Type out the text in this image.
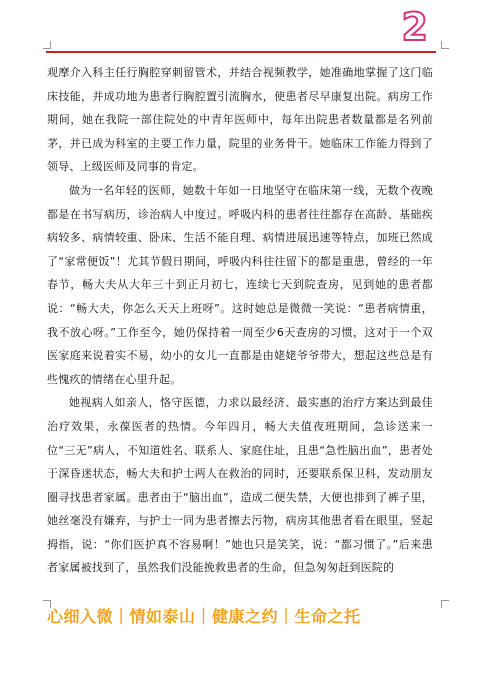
2

观摩介入科主任行胸腔穿刺留管术，并结合视频教学，她准确地掌握了这门临床技能，并成功地为患者行胸腔置引流胸水，使患者尽早康复出院。病房工作期间，她在我院一部住院处的中青年医师中，每年出院患者数量都是名列前茅，并已成为科室的主要工作力量，院里的业务骨干。她临床工作能力得到了领导、上级医师及同事的肯定。

做为一名年轻的医师，她数十年如一日地坚守在临床第一线，无数个夜晚都是在书写病历，诊治病人中度过。呼吸内科的患者往往都存在高龄、基础疾病较多、病情较重、卧床、生活不能自理、病情进展迅速等特点，加班已然成了“家常便饭”！尤其节假日期间，呼吸内科往往留下的都是重患，曾经的一年春节，畅大夫从大年三十到正月初七，连续七天到院查房，见到她的患者都说：“畅大夫，你怎么天天上班呀”。这时她总是微微一笑说：“患者病情重，我不放心呀。”工作至今，她仍保持着一周至少6天查房的习惯，这对于一个双医家庭来说着实不易，幼小的女儿一直都是由姥姥爷爷带大，想起这些总是有些愧疚的情绪在心里升起。

她视病人如亲人，恪守医德，力求以最经济、最实惠的治疗方案达到最佳治疗效果，永葆医者的热情。今年四月，畅大夫值夜班期间，急诊送来一位“三无”病人，不知道姓名、联系人、家庭住址，且患“急性脑出血”，患者处于深昏迷状态，畅大夫和护士两人在救治的同时，还要联系保卫科，发动朋友圈寻找患者家属。患者由于“脑出血”，造成二便失禁，大便也排到了裤子里，她丝毫没有嫌弃，与护士一同为患者擦去污物，病房其他患者看在眼里，竖起拇指，说：“你们医护真不容易啊！”她也只是笑笑，说：“都习惯了。”后来患者家属被找到了，虽然我们没能挽救患者的生命，但急匆匆赶到医院的

心细入微｜情如泰山｜健康之约｜生命之托
